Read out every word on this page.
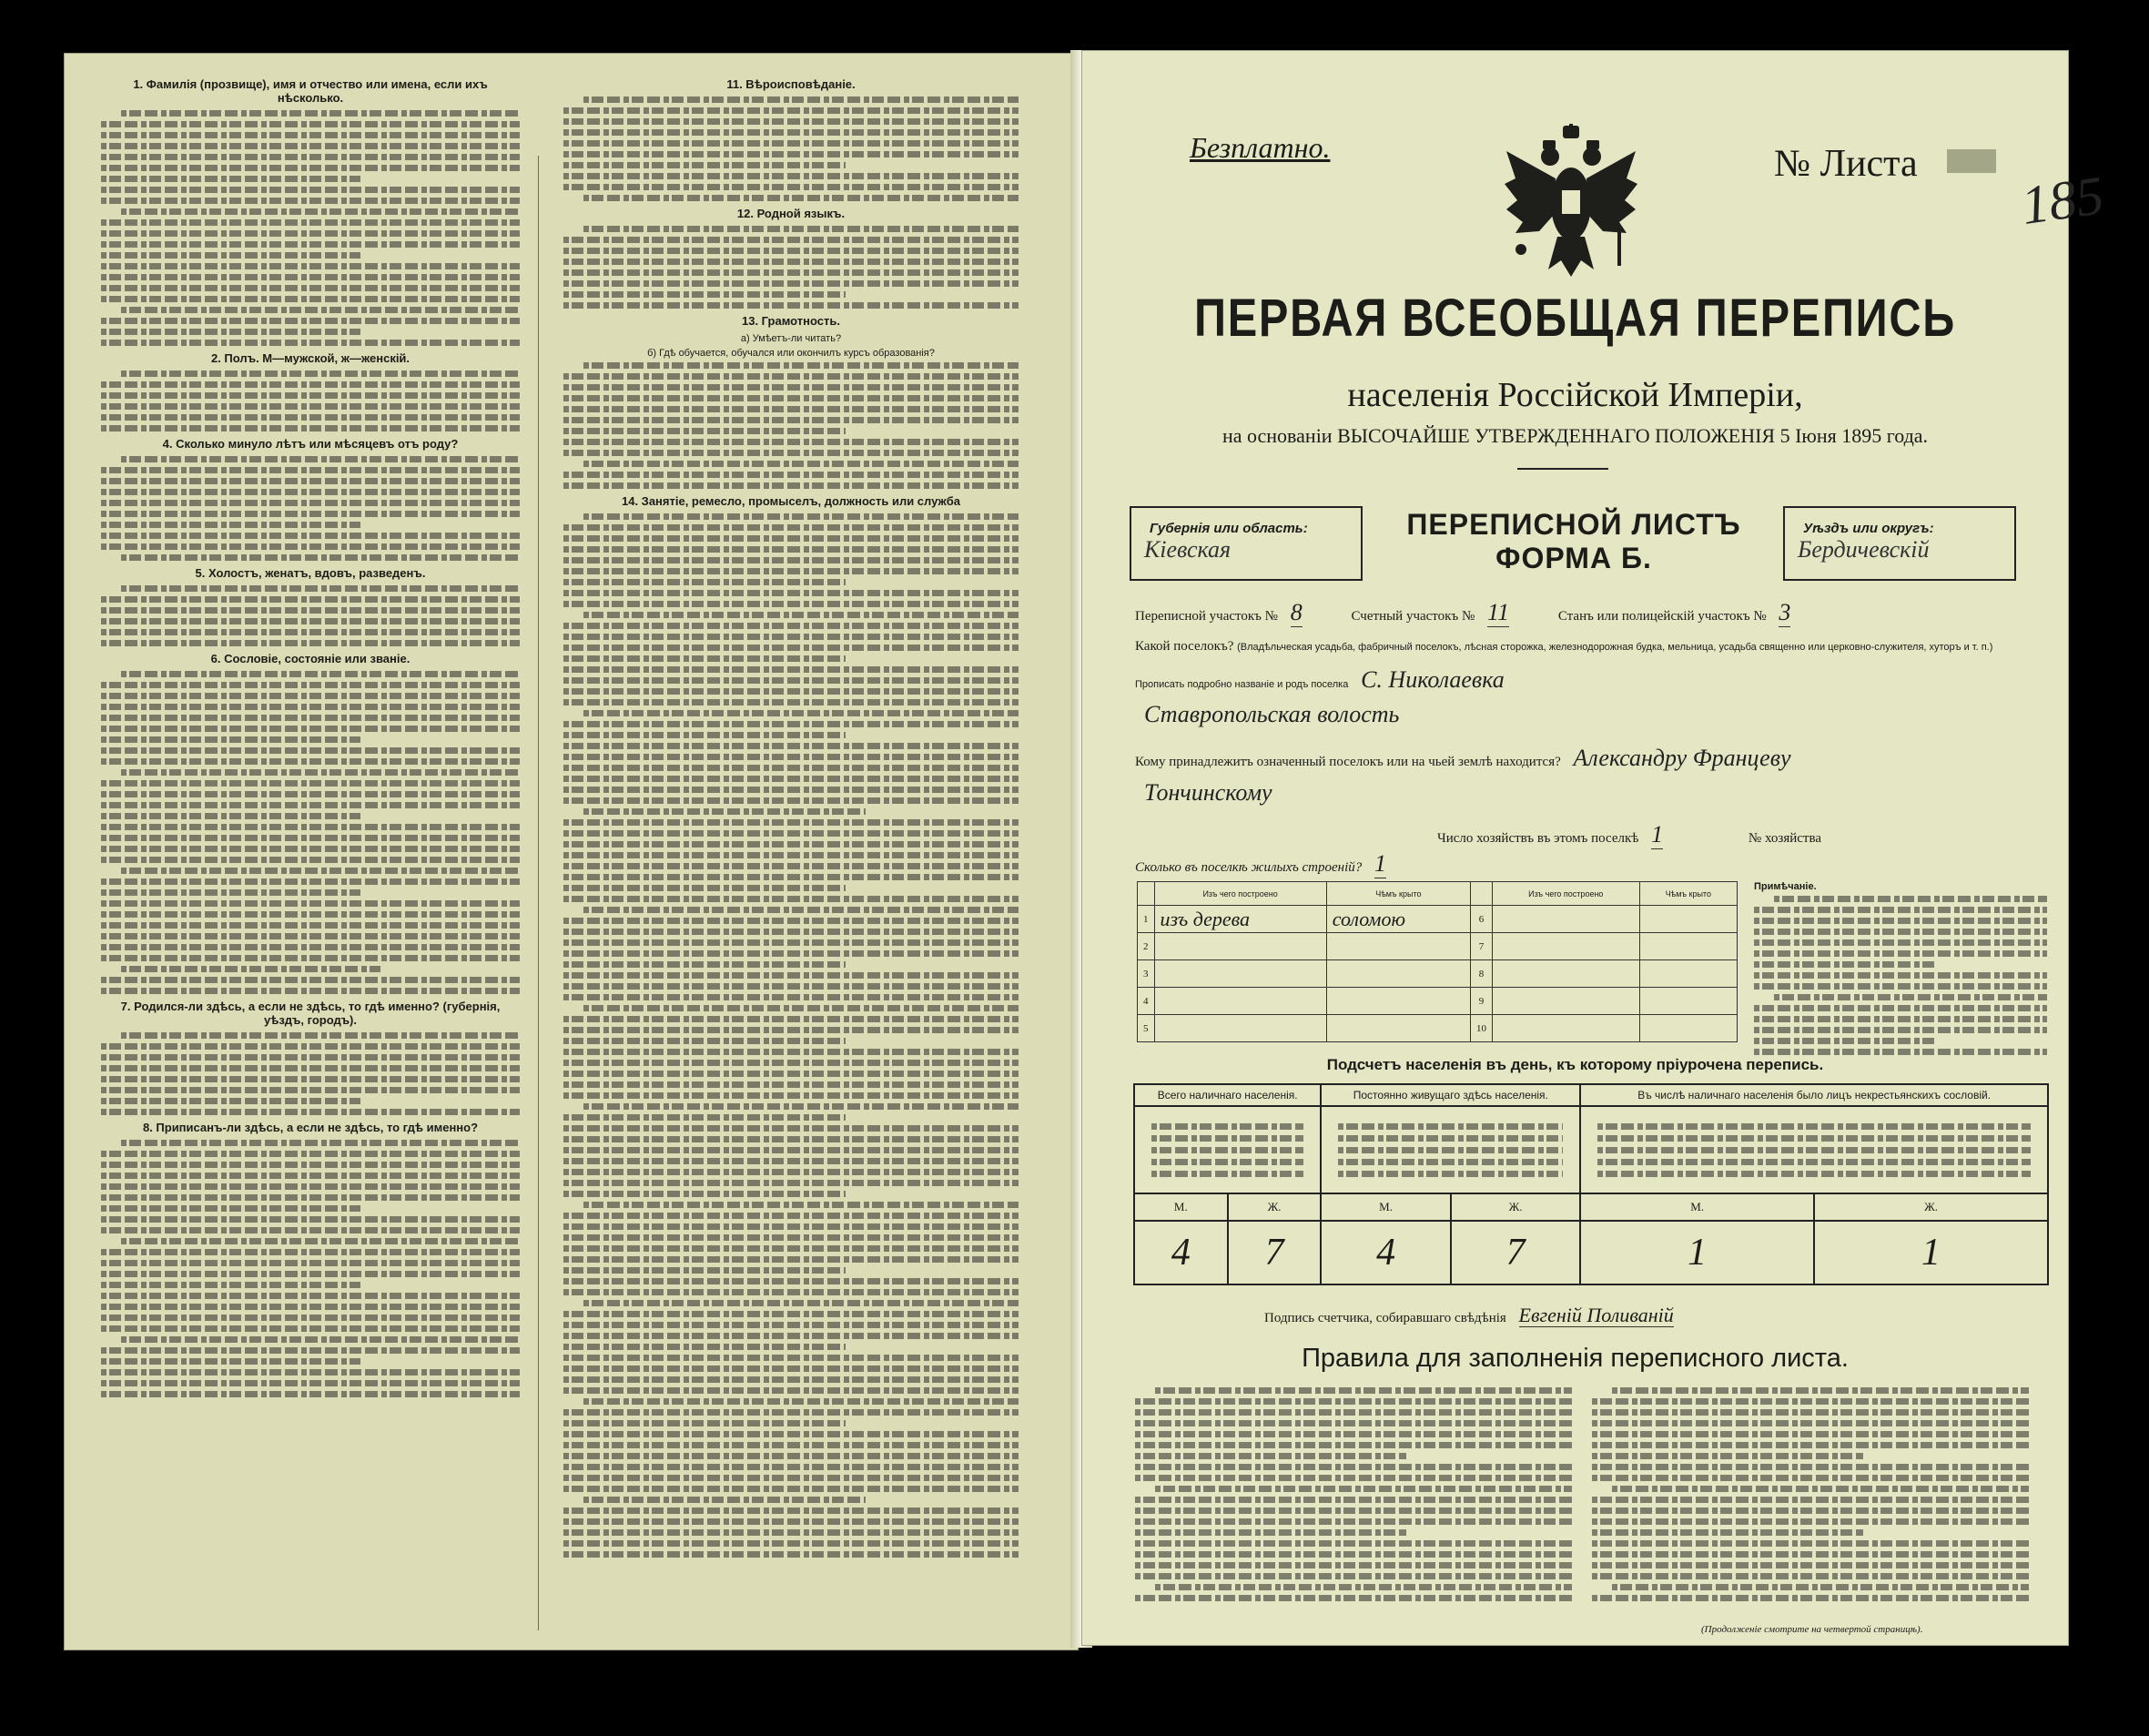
1. Фамилія (прозвище), имя и отчество или имена, если ихъ нѣсколько.
2. Полъ. М—мужской, ж—женскій.
4. Сколько минуло лѣтъ или мѣсяцевъ отъ роду?
5. Холостъ, женатъ, вдовъ, разведенъ.
6. Сословіе, состояніе или званіе.
7. Родился-ли здѣсь, а если не здѣсь, то гдѣ именно? (губернія, уѣздъ, городъ).
8. Приписанъ-ли здѣсь, а если не здѣсь, то гдѣ именно?
11. Вѣроисповѣданіе.
12. Родной языкъ.
13. Грамотность.
а) Умѣетъ-ли читать?
б) Гдѣ обучается, обучался или окончилъ курсъ образованія?
14. Занятіе, ремесло, промыселъ, должность или служба
Безплатно.	№ Листа
185
ПЕРВАЯ ВСЕОБЩАЯ ПЕРЕПИСЬ
населенія Россійской Имперіи,
на основаніи ВЫСОЧАЙШЕ УТВЕРЖДЕННАГО ПОЛОЖЕНІЯ 5 Іюня 1895 года.
Губернія или область:
Кіевская
ПЕРЕПИСНОЙ ЛИСТЪ
ФОРМА Б.
Уѣздъ или округъ:
Бердичевскій
Переписной участокъ № 8	Счетный участокъ № 11	Станъ или полицейскій участокъ № 3
Какой поселокъ? (Владѣльческая усадьба, фабричный поселокъ, лѣсная сторожка, железнодорожная будка, мельница, усадьба священно или церковно-служителя, хуторъ и т. п.)
Прописать подробно названіе и родъ поселка С. Николаевка
Ставропольская волость
Кому принадлежитъ означенный поселокъ или на чьей землѣ находится? Александру Францеву
Тончинскому
Число хозяйствъ въ этомъ поселкѣ 1	№ хозяйства
Сколько въ поселкѣ жилыхъ строеній? 1
	Изъ чего построено	Чѣмъ крыто		Изъ чего построено	Чѣмъ крыто
1	изъ дерева	соломою	6		
2			7		
3			8		
4			9		
5			10		
Примѣчаніе.
Подсчетъ населенія въ день, къ которому пріурочена перепись.
Всего наличнаго населенія.		Постоянно живущаго здѣсь населенія.		Въ числѣ наличнаго населенія было лицъ некрестьянскихъ сословій.	

М.	Ж.	М.	Ж.	М.	Ж.
4	7	4	7	1	1
Подпись счетчика, собиравшаго свѣдѣнія Евгеній Поливаній
Правила для заполненія переписного листа.
(Продолженіе смотрите на четвертой страницѣ).
